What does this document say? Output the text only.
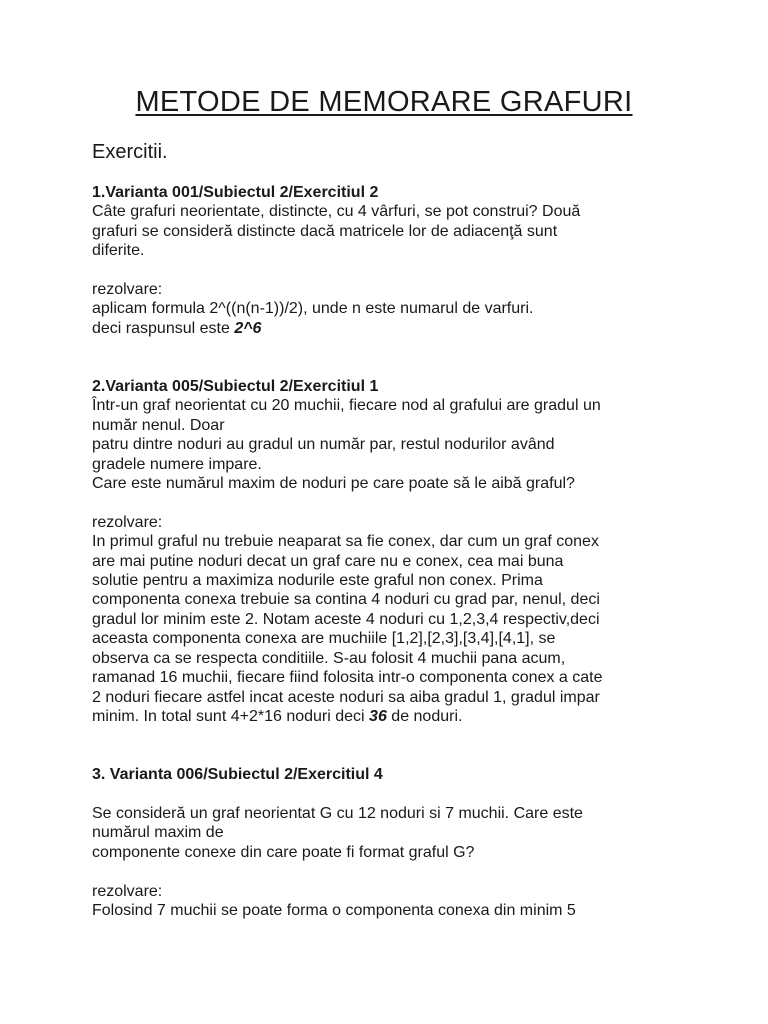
METODE DE MEMORARE GRAFURI
Exercitii.
1.Varianta 001/Subiectul 2/Exercitiul 2
Câte grafuri neorientate, distincte, cu 4 vârfuri, se pot construi? Două
grafuri se consideră distincte dacă matricele lor de adiacenţă sunt
diferite.
rezolvare:
aplicam formula 2^((n(n-1))/2), unde n este numarul de varfuri.
deci raspunsul este 2^6
2.Varianta 005/Subiectul 2/Exercitiul 1
Într-un graf neorientat cu 20 muchii, fiecare nod al grafului are gradul un
număr nenul. Doar
patru dintre noduri au gradul un număr par, restul nodurilor având
gradele numere impare.
Care este numărul maxim de noduri pe care poate să le aibă graful?
rezolvare:
In primul graful nu trebuie neaparat sa fie conex, dar cum un graf conex
are mai putine noduri decat un graf care nu e conex, cea mai buna
solutie pentru a maximiza nodurile este graful non conex. Prima
componenta conexa trebuie sa contina 4 noduri cu grad par, nenul, deci
gradul lor minim este 2. Notam aceste 4 noduri cu 1,2,3,4 respectiv,deci
aceasta componenta conexa are muchiile [1,2],[2,3],[3,4],[4,1], se
observa ca se respecta conditiile. S-au folosit 4 muchii pana acum,
ramanad 16 muchii, fiecare fiind folosita intr-o componenta conex a cate
2 noduri fiecare astfel incat aceste noduri sa aiba gradul 1, gradul impar
minim. In total sunt 4+2*16 noduri deci 36 de noduri.
3. Varianta 006/Subiectul 2/Exercitiul 4
Se consideră un graf neorientat G cu 12 noduri si 7 muchii. Care este
numărul maxim de
componente conexe din care poate fi format graful G?
rezolvare:
Folosind 7 muchii se poate forma o componenta conexa din minim 5
